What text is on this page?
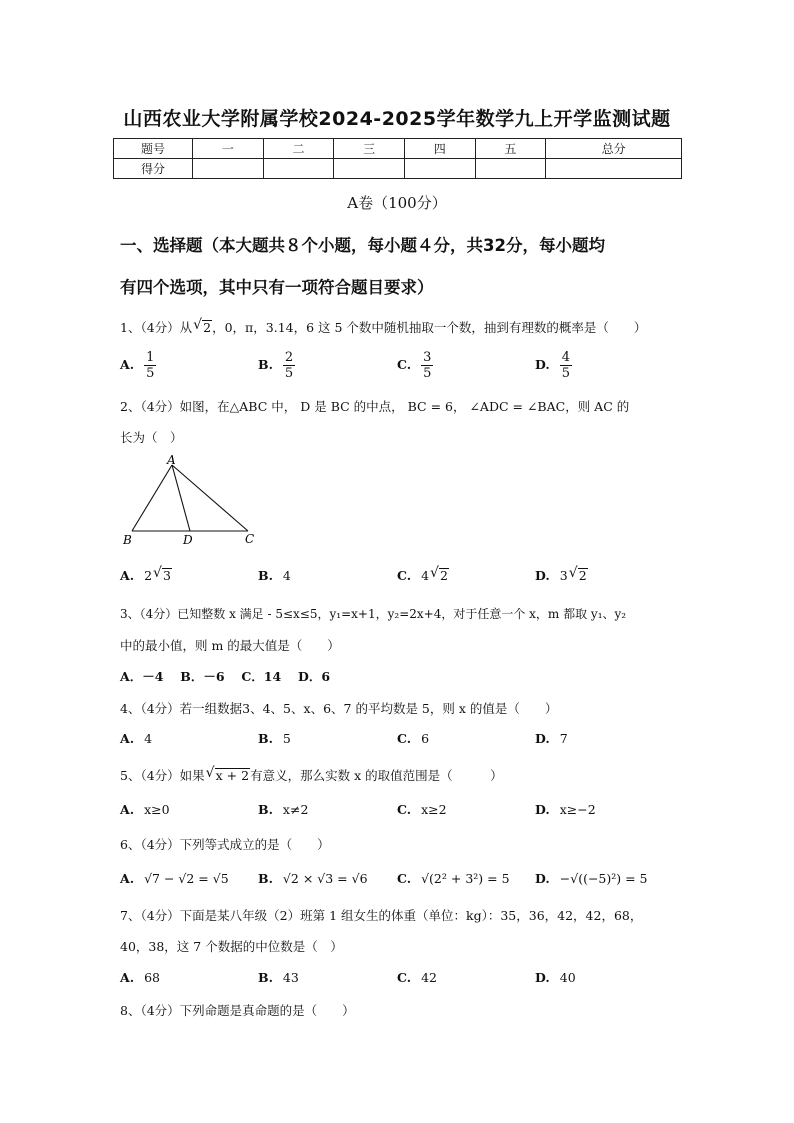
山西农业大学附属学校2024-2025学年数学九上开学监测试题
题号	一	二	三	四	五	总分
得分						
A卷（100分）
一、选择题（本大题共８个小题，每小题４分，共32分，每小题均
有四个选项，其中只有一项符合题目要求）
1、（4分）从 √ 2，0，π，3.14，6 这 5 个数中随机抽取一个数，抽到有理数的概率是（　　）
A. $\frac{1}{5}$	B. $\frac{2}{5}$	C. $\frac{3}{5}$	D. $\frac{4}{5}$
2、（4分）如图，在△ABC 中， D 是 BC 的中点， BC = 6， ∠ADC = ∠BAC，则 AC 的
长为（　）
A
B	D	C
A. 2 √ 3	B. 4	C. 4 √ 2	D. 3 √ 2
3、（4分）已知整数 x 满足 - 5≤x≤5，y₁=x+1，y₂=2x+4，对于任意一个 x，m 都取 y₁、y₂
中的最小值，则 m 的最大值是（　　）
A．－4　 B．－6　 C．14　 D．6
4、（4分）若一组数据3、4、5、x、6、7 的平均数是 5，则 x 的值是（　　）
A. 4	B. 5	C. 6	D. 7
5、（4分）如果 √ x + 2有意义，那么实数 x 的取值范围是（　　　）
A. x≥0	B. x≠2	C. x≥2	D. x≥−2
6、（4分）下列等式成立的是（　　）
A. √7 − √2 = √5 B. √2 × √3 = √6 C. √(2² + 3²) = 5 D. −√((−5)²) = 5
7、（4分）下面是某八年级（2）班第 1 组女生的体重（单位：kg）：35，36，42，42，68，
40，38，这 7 个数据的中位数是（　）
A. 68	B. 43	C. 42	D. 40
8、（4分）下列命题是真命题的是（　　）
